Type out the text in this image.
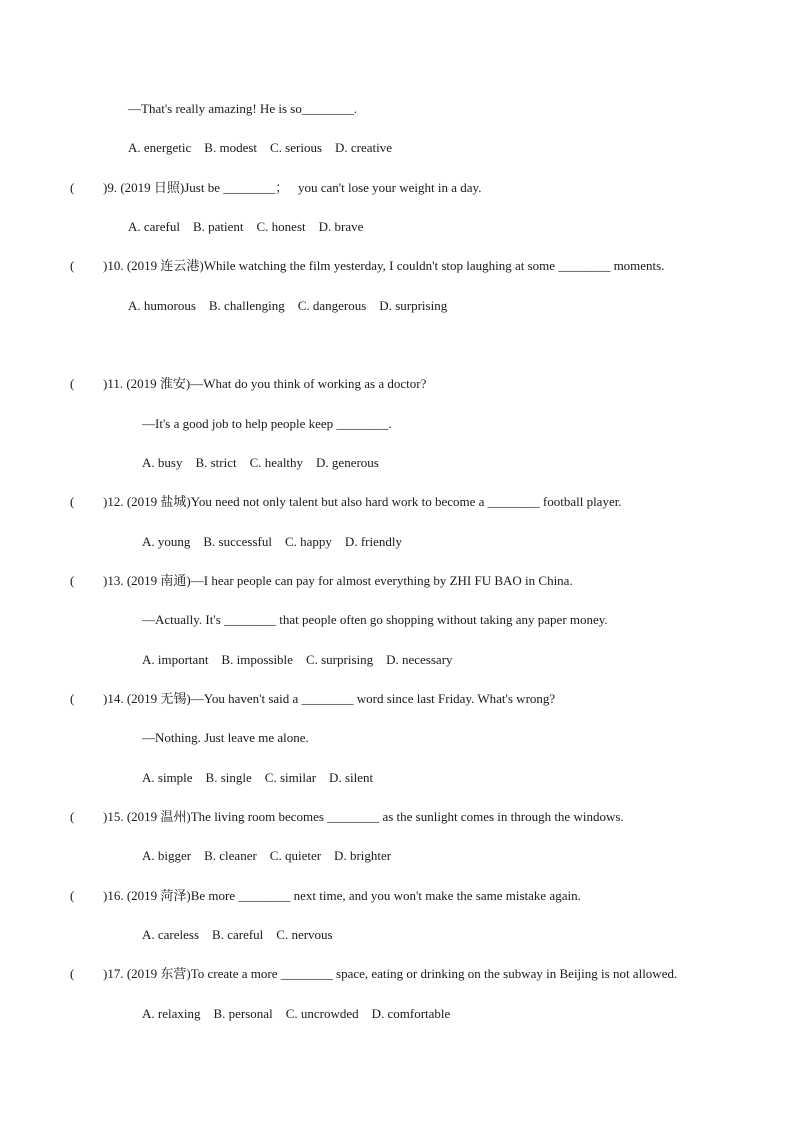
—That's really amazing! He is so________.
A. energetic    B. modest    C. serious    D. creative
( )9. (2019 日照)Just be ________；   you can't lose your weight in a day.
A. careful    B. patient    C. honest    D. brave
( )10. (2019 连云港)While watching the film yesterday, I couldn't stop laughing at some ________ moments.
A. humorous    B. challenging    C. dangerous    D. surprising
( )11. (2019 淮安)—What do you think of working as a doctor?
—It's a good job to help people keep ________.
A. busy    B. strict    C. healthy    D. generous
( )12. (2019 盐城)You need not only talent but also hard work to become a ________ football player.
A. young    B. successful    C. happy    D. friendly
( )13. (2019 南通)—I hear people can pay for almost everything by ZHI FU BAO in China.
—Actually. It's ________ that people often go shopping without taking any paper money.
A. important    B. impossible    C. surprising    D. necessary
( )14. (2019 无锡)—You haven't said a ________ word since last Friday. What's wrong?
—Nothing. Just leave me alone.
A. simple    B. single    C. similar    D. silent
( )15. (2019 温州)The living room becomes ________ as the sunlight comes in through the windows.
A. bigger    B. cleaner    C. quieter    D. brighter
( )16. (2019 菏泽)Be more ________ next time, and you won't make the same mistake again.
A. careless    B. careful    C. nervous
( )17. (2019 东营)To create a more ________ space, eating or drinking on the subway in Beijing is not allowed.
A. relaxing    B. personal    C. uncrowded    D. comfortable
